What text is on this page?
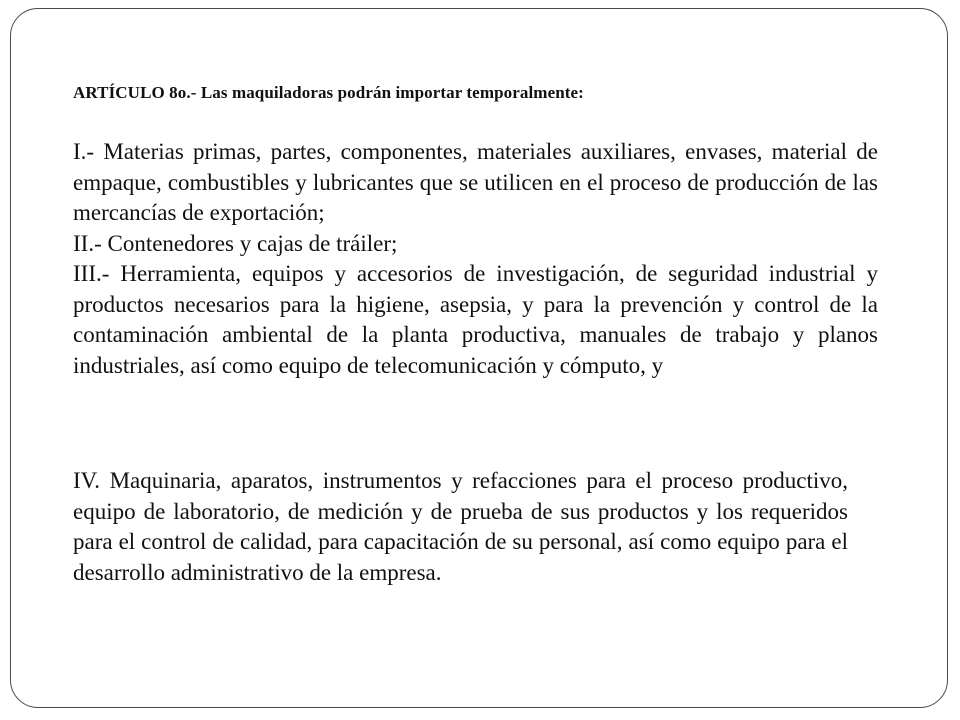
ARTÍCULO 8o.- Las maquiladoras podrán importar temporalmente:

I.- Materias primas, partes, componentes, materiales auxiliares, envases, material de empaque, combustibles y lubricantes que se utilicen en el proceso de producción de las mercancías de exportación;

II.- Contenedores y cajas de tráiler;

III.- Herramienta, equipos y accesorios de investigación, de seguridad industrial y productos necesarios para la higiene, asepsia, y para la prevención y control de la contaminación ambiental de la planta productiva, manuales de trabajo y planos industriales, así como equipo de telecomunicación y cómputo, y

IV. Maquinaria, aparatos, instrumentos y refacciones para el proceso productivo, equipo de laboratorio, de medición y de prueba de sus productos y los requeridos para el control de calidad, para capacitación de su personal, así como equipo para el desarrollo administrativo de la empresa.
